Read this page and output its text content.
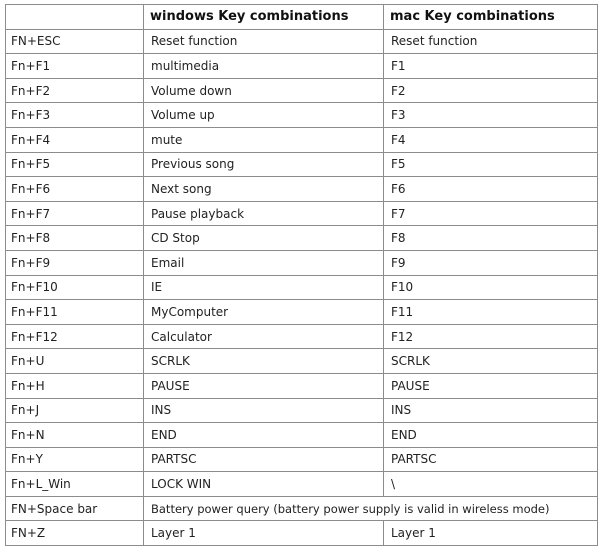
	windows Key combinations	mac Key combinations
FN+ESC	Reset function	Reset function
Fn+F1	multimedia	F1
Fn+F2	Volume down	F2
Fn+F3	Volume up	F3
Fn+F4	mute	F4
Fn+F5	Previous song	F5
Fn+F6	Next song	F6
Fn+F7	Pause playback	F7
Fn+F8	CD Stop	F8
Fn+F9	Email	F9
Fn+F10	IE	F10
Fn+F11	MyComputer	F11
Fn+F12	Calculator	F12
Fn+U	SCRLK	SCRLK
Fn+H	PAUSE	PAUSE
Fn+J	INS	INS
Fn+N	END	END
Fn+Y	PARTSC	PARTSC
Fn+L_Win	LOCK WIN	\
FN+Space bar	Battery power query (battery power supply is valid in wireless mode)	
FN+Z	Layer 1	Layer 1
